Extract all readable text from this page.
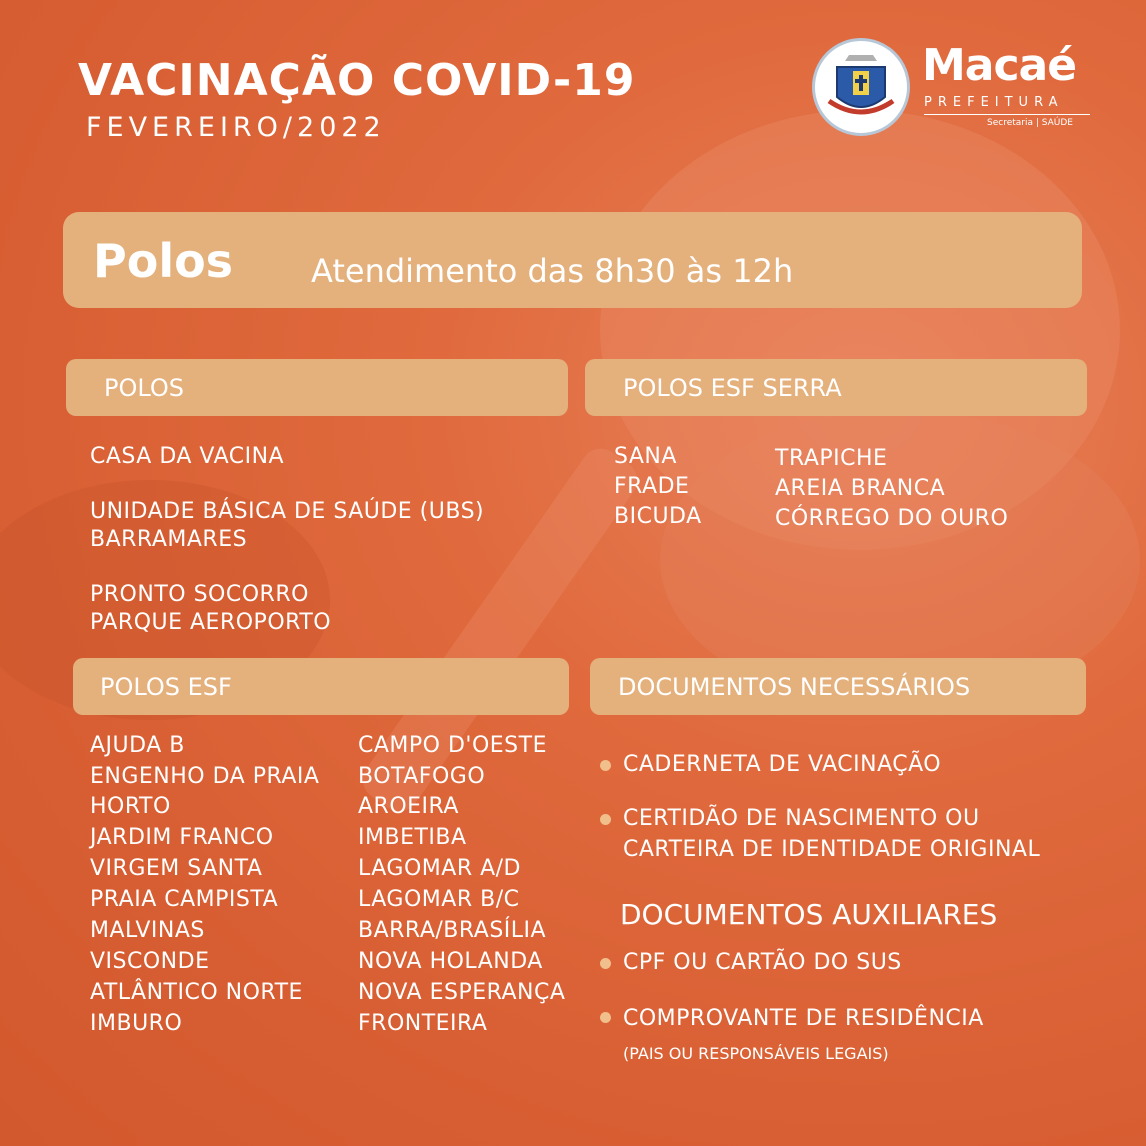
VACINAÇÃO COVID-19
FEVEREIRO/2022
Macaé
PREFEITURA
Secretaria | SAÚDE
Polos Atendimento das 8h30 às 12h
POLOS
CASA DA VACINA
UNIDADE BÁSICA DE SAÚDE (UBS)
BARRAMARES
PRONTO SOCORRO
PARQUE AEROPORTO
POLOS ESF SERRA
SANA
FRADE
BICUDA
TRAPICHE
AREIA BRANCA
CÓRREGO DO OURO
POLOS ESF
AJUDA B
ENGENHO DA PRAIA
HORTO
JARDIM FRANCO
VIRGEM SANTA
PRAIA CAMPISTA
MALVINAS
VISCONDE
ATLÂNTICO NORTE
IMBURO
CAMPO D'OESTE
BOTAFOGO
AROEIRA
IMBETIBA
LAGOMAR A/D
LAGOMAR B/C
BARRA/BRASÍLIA
NOVA HOLANDA
NOVA ESPERANÇA
FRONTEIRA
DOCUMENTOS NECESSÁRIOS
CADERNETA DE VACINAÇÃO
CERTIDÃO DE NASCIMENTO OU
CARTEIRA DE IDENTIDADE ORIGINAL
DOCUMENTOS AUXILIARES
CPF OU CARTÃO DO SUS
COMPROVANTE DE RESIDÊNCIA
(PAIS OU RESPONSÁVEIS LEGAIS)
